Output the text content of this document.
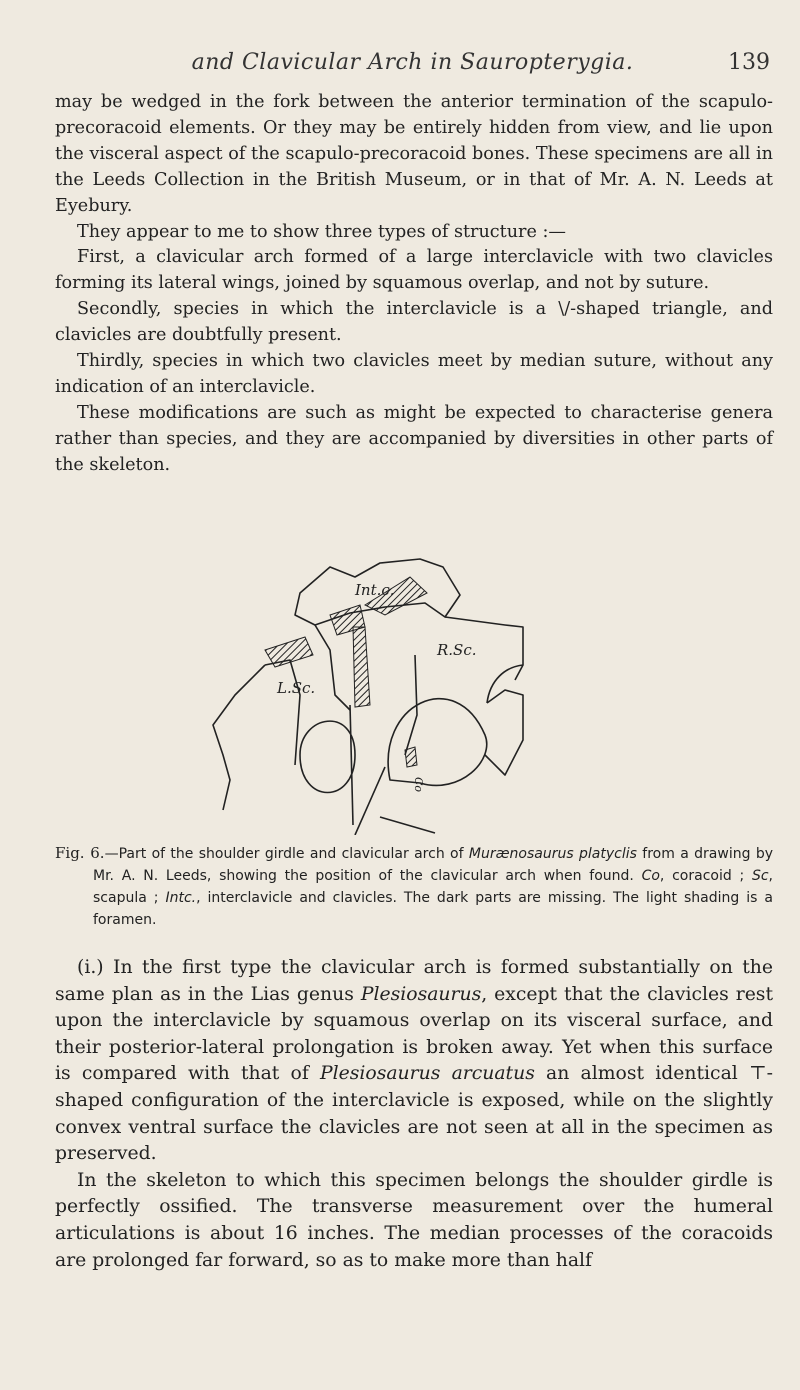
and Clavicular Arch in Sauropterygia.	139

may be wedged in the fork between the anterior termination of the scapulo-precoracoid elements. Or they may be entirely hidden from view, and lie upon the visceral aspect of the scapulo-precoracoid bones. These specimens are all in the Leeds Collection in the British Museum, or in that of Mr. A. N. Leeds at Eyebury.

They appear to me to show three types of structure :—

First, a clavicular arch formed of a large interclavicle with two clavicles forming its lateral wings, joined by squamous overlap, and not by suture.

Secondly, species in which the interclavicle is a \/-shaped triangle, and clavicles are doubtfully present.

Thirdly, species in which two clavicles meet by median suture, without any indication of an interclavicle.

These modifications are such as might be expected to characterise genera rather than species, and they are accompanied by diversities in other parts of the skeleton.

Int.c.
R.Sc.
L.Sc.
Co

Fig. 6.—Part of the shoulder girdle and clavicular arch of Murænosaurus platyclis from a drawing by Mr. A. N. Leeds, showing the position of the clavicular arch when found. Co, coracoid ; Sc, scapula ; Intc., interclavicle and clavicles. The dark parts are missing. The light shading is a foramen.

(i.) In the first type the clavicular arch is formed substantially on the same plan as in the Lias genus Plesiosaurus, except that the clavicles rest upon the interclavicle by squamous overlap on its visceral surface, and their posterior-lateral prolongation is broken away. Yet when this surface is compared with that of Plesiosaurus arcuatus an almost identical ⊤-shaped configuration of the interclavicle is exposed, while on the slightly convex ventral surface the clavicles are not seen at all in the specimen as preserved.

In the skeleton to which this specimen belongs the shoulder girdle is perfectly ossified. The transverse measurement over the humeral articulations is about 16 inches. The median processes of the coracoids are prolonged far forward, so as to make more than half
